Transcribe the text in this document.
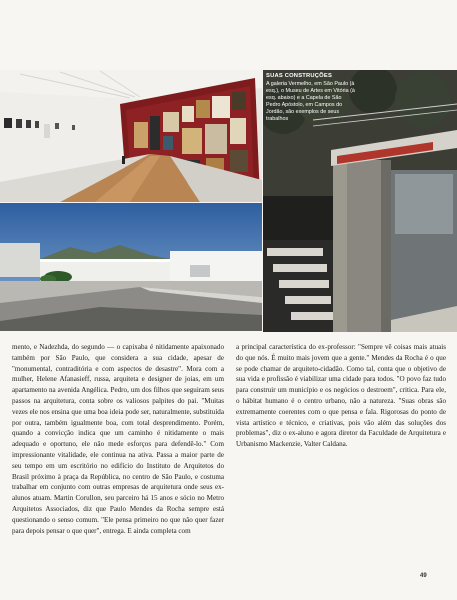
SUAS CONSTRUÇÕES
A galeria Vermelho, em São Paulo (à esq.), o Museu de Artes em Vitória (à esq. abaixo) e a Capela de São Pedro Apóstolo, em Campos do Jordão, são exemplos de seus trabalhos

mento, e Nadezhda, do segundo — o capixaba é nitidamente apaixonado também por São Paulo, que considera a sua cidade, apesar de "monumental, contraditória e com aspectos de desastre". Mora com a mulher, Helene Afanasieff, russa, arquiteta e designer de joias, em um apartamento na avenida Angélica. Pedro, um dos filhos que seguiram seus passos na arquitetura, conta sobre os valiosos palpites do pai. "Muitas vezes ele nos ensina que uma boa ideia pode ser, naturalmente, substituída por outra, também igualmente boa, com total desprendimento. Porém, quando a convicção indica que um caminho é nitidamente o mais adequado e oportuno, ele não mede esforços para defendê-lo." Com impressionante vitalidade, ele continua na ativa. Passa a maior parte de seu tempo em um escritório no edifício do Instituto de Arquitetos do Brasil próximo à praça da República, no centro de São Paulo, e costuma trabalhar em conjunto com outras empresas de arquitetura onde seus ex-alunos atuam. Martin Corullon, seu parceiro há 15 anos e sócio no Metro Arquitetos Associados, diz que Paulo Mendes da Rocha sempre está questionando o senso comum. "Ele pensa primeiro no que não quer fazer para depois pensar o que quer", entrega. E ainda completa com

a principal característica do ex-professor: "Sempre vê coisas mais atuais do que nós. É muito mais jovem que a gente." Mendes da Rocha é o que se pode chamar de arquiteto-cidadão. Como tal, conta que o objetivo de sua vida e profissão é viabilizar uma cidade para todos. "O povo faz tudo para construir um município e os negócios o destroem", critica. Para ele, o hábitat humano é o centro urbano, não a natureza. "Suas obras são extremamente coerentes com o que pensa e fala. Rigorosas do ponto de vista artístico e técnico, e criativas, pois vão além das soluções dos problemas", diz o ex-aluno e agora diretor da Faculdade de Arquitetura e Urbanismo Mackenzie, Valter Caldana.

49
